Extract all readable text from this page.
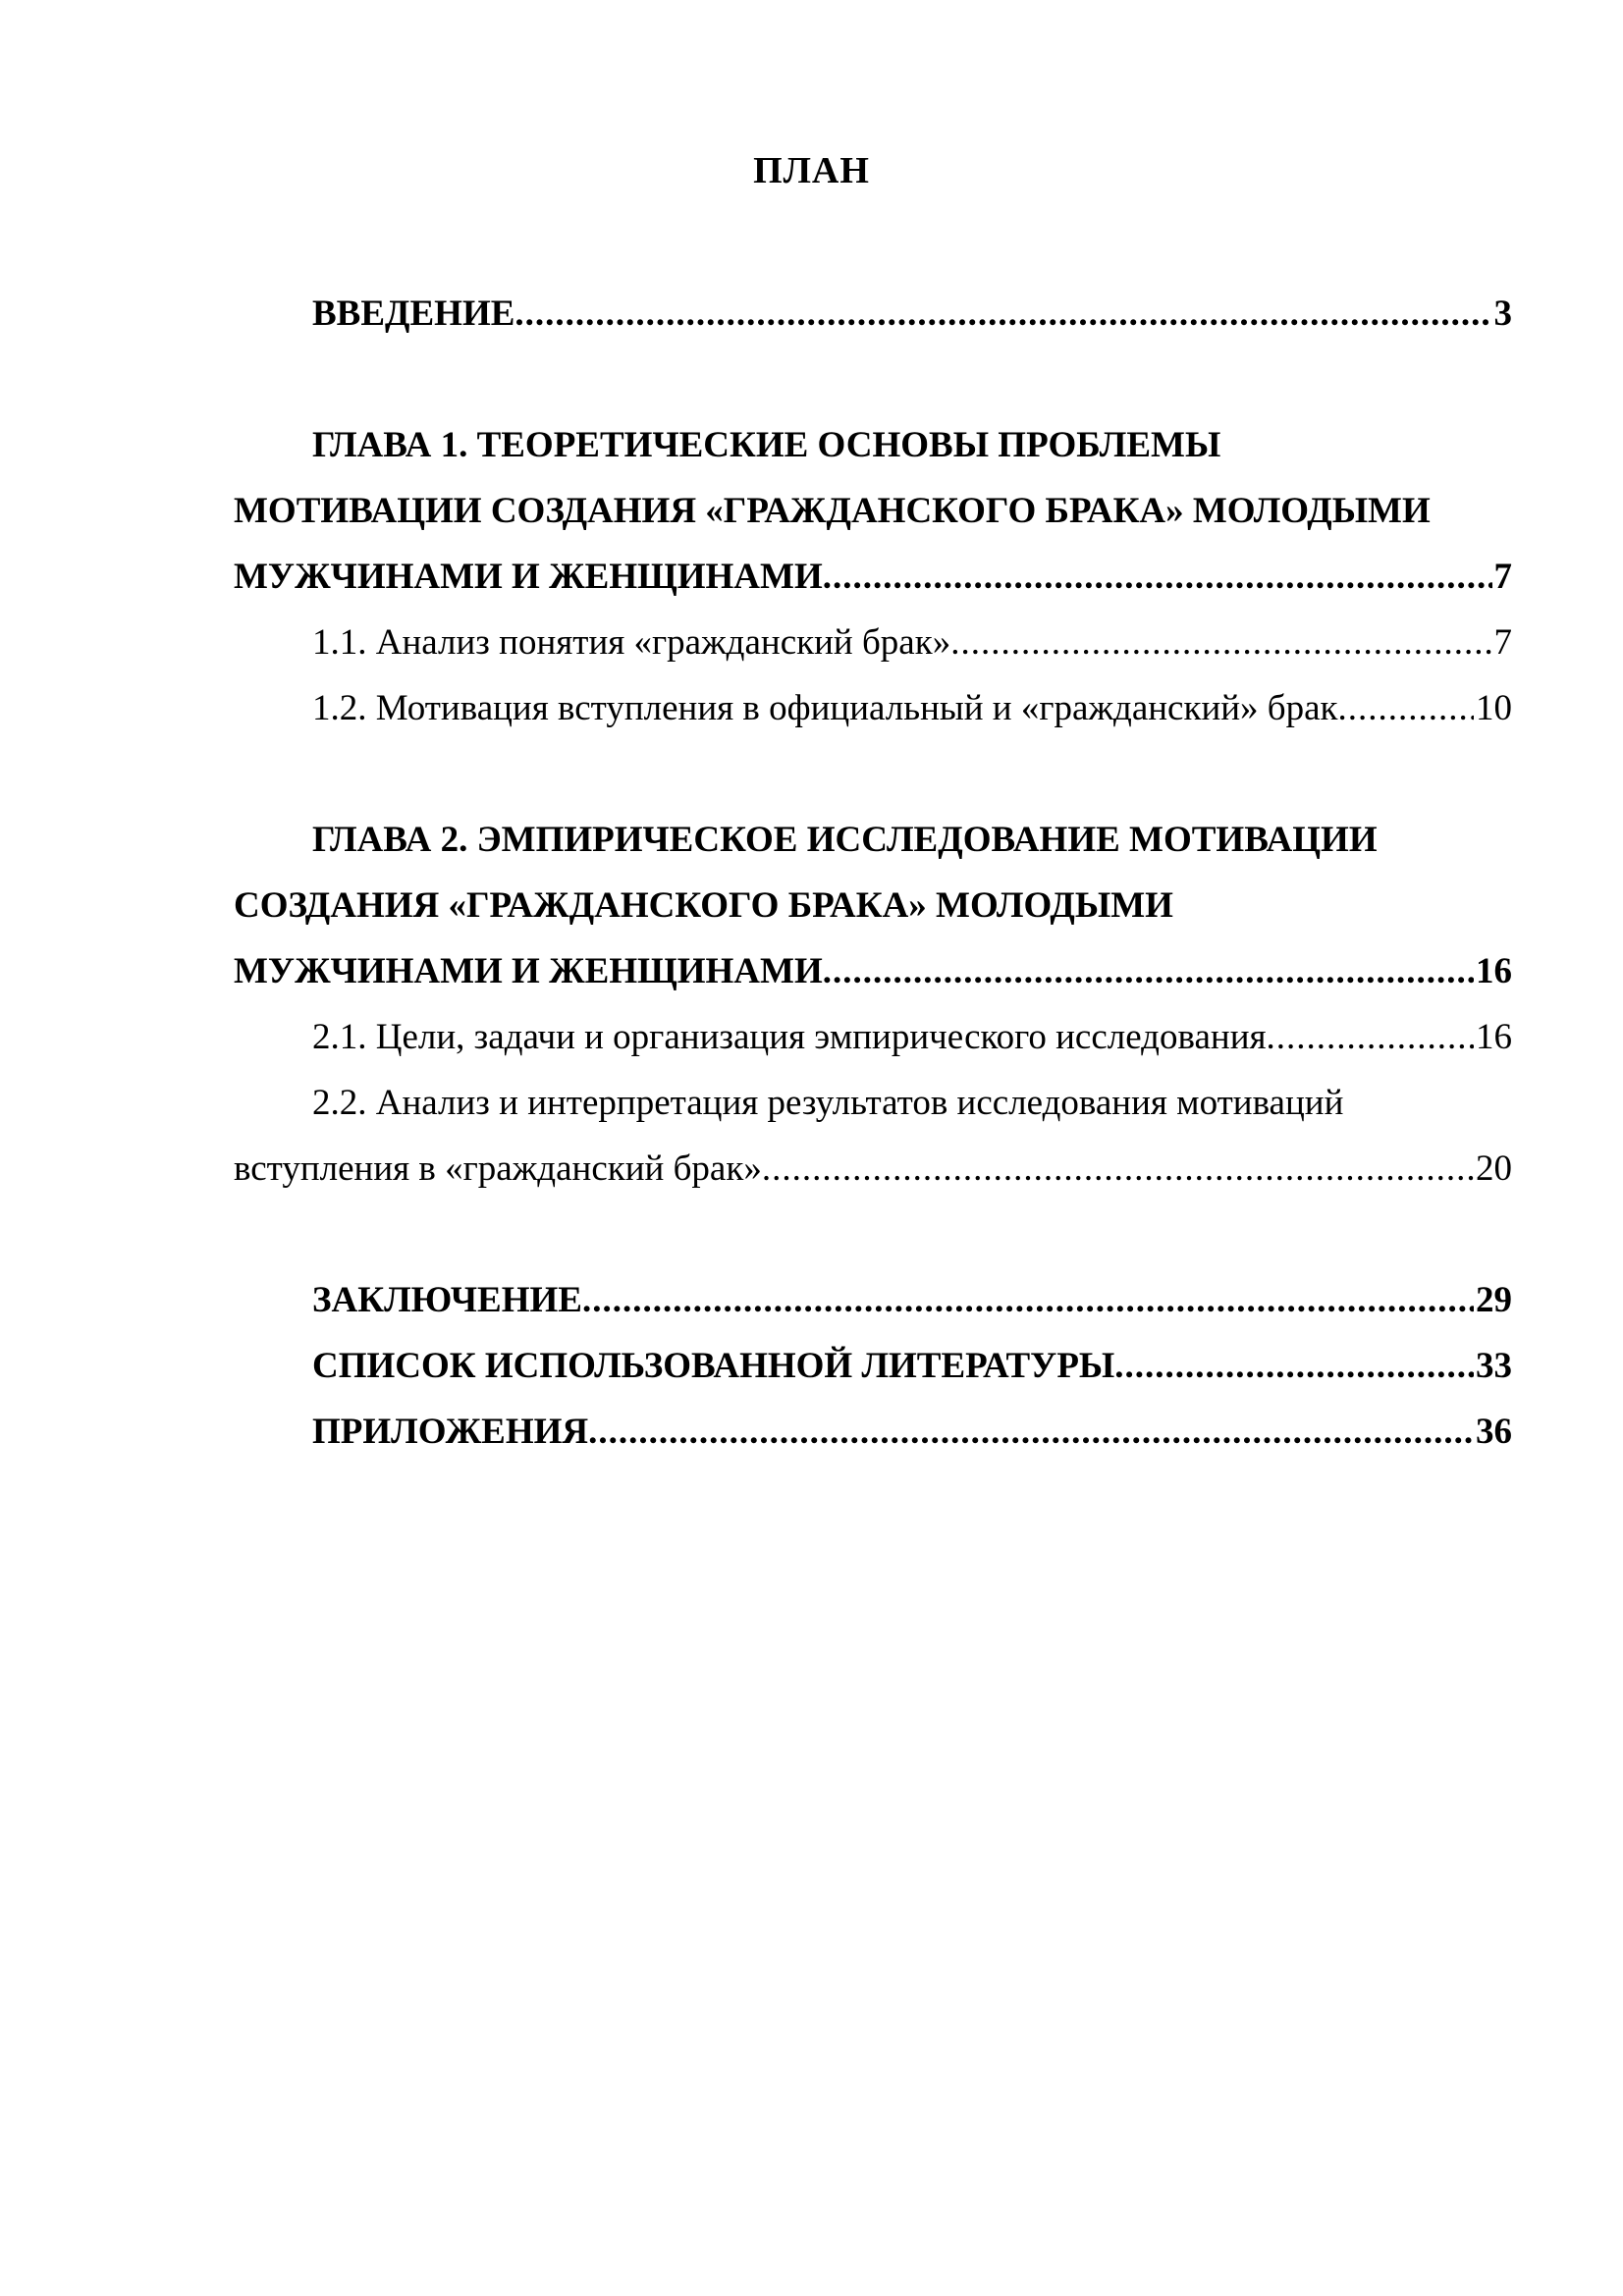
ПЛАН
ВВЕДЕНИЕ .....	3
ГЛАВА 1. ТЕОРЕТИЧЕСКИЕ ОСНОВЫ ПРОБЛЕМЫ
МОТИВАЦИИ СОЗДАНИЯ «ГРАЖДАНСКОГО БРАКА» МОЛОДЫМИ
МУЖЧИНАМИ И ЖЕНЩИНАМИ .....	7
1.1. Анализ понятия «гражданский брак» .....	7
1.2. Мотивация вступления в официальный и «гражданский» брак .....	10
ГЛАВА 2. ЭМПИРИЧЕСКОЕ ИССЛЕДОВАНИЕ МОТИВАЦИИ
СОЗДАНИЯ «ГРАЖДАНСКОГО БРАКА» МОЛОДЫМИ
МУЖЧИНАМИ И ЖЕНЩИНАМИ .....	16
2.1. Цели, задачи и организация эмпирического исследования .....	16
2.2. Анализ и интерпретация результатов исследования мотиваций
вступления в «гражданский брак» .....	20
ЗАКЛЮЧЕНИЕ .....	29
СПИСОК ИСПОЛЬЗОВАННОЙ ЛИТЕРАТУРЫ .....	33
ПРИЛОЖЕНИЯ .....	36
